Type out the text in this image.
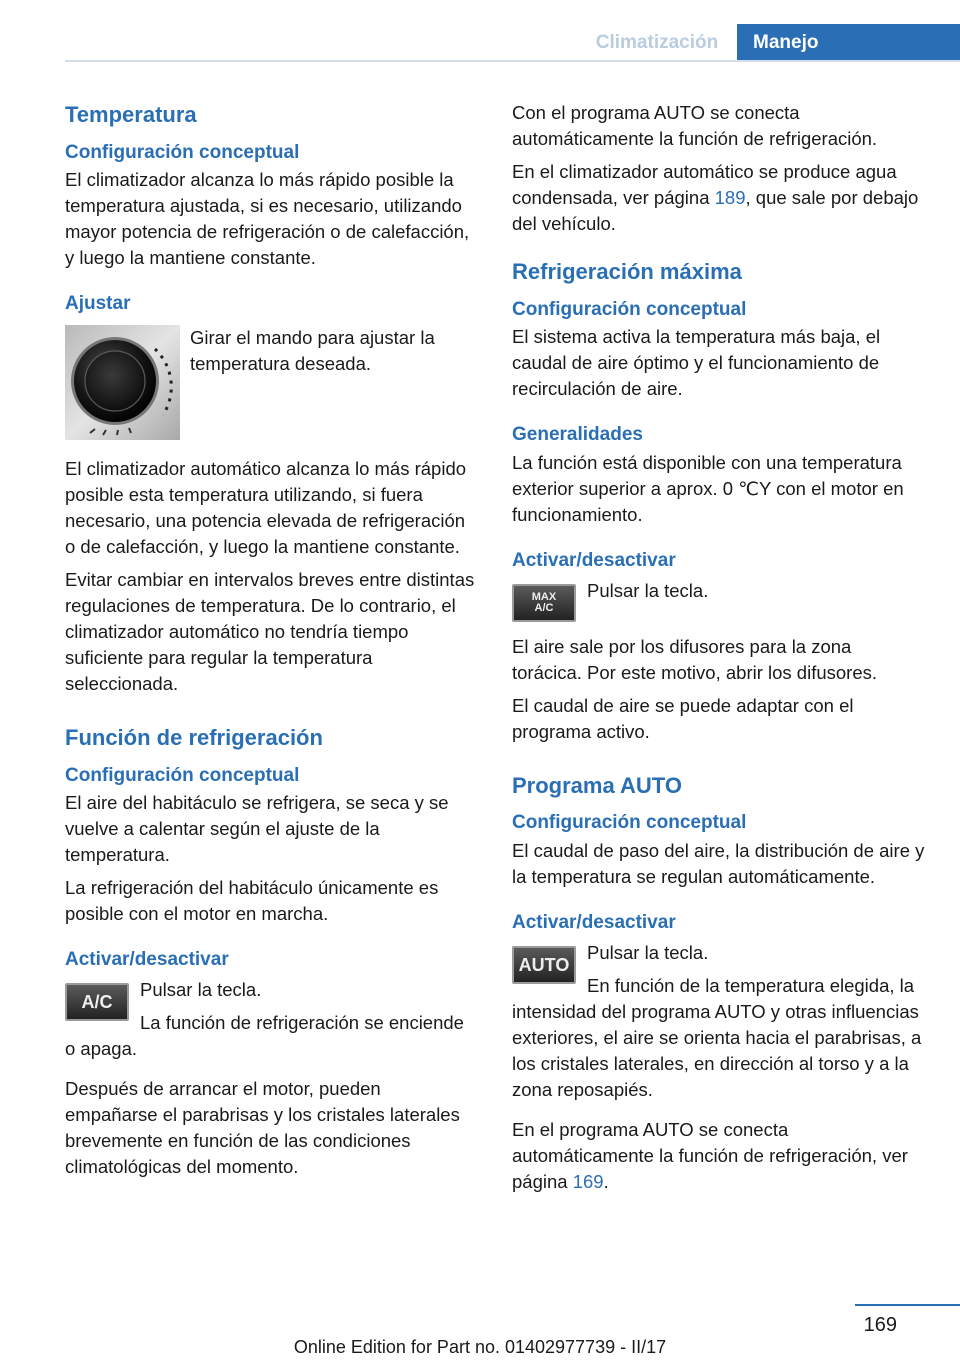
Climatización	Manejo
Temperatura
Configuración conceptual

El climatizador alcanza lo más rápido posible la temperatura ajustada, si es necesario, utilizando mayor potencia de refrigeración o de calefacción, y luego la mantiene constante.

Ajustar

Girar el mando para ajustar la temperatura deseada.

El climatizador automático alcanza lo más rápido posible esta temperatura utilizando, si fuera necesario, una potencia elevada de refrigeración o de calefacción, y luego la mantiene constante.

Evitar cambiar en intervalos breves entre distintas regulaciones de temperatura. De lo contrario, el climatizador automático no tendría tiempo suficiente para regular la temperatura seleccionada.

Función de refrigeración
Configuración conceptual

El aire del habitáculo se refrigera, se seca y se vuelve a calentar según el ajuste de la temperatura.

La refrigeración del habitáculo únicamente es posible con el motor en marcha.

Activar/desactivar
A/C

Pulsar la tecla.

La función de refrigeración se enciende o apaga.

Después de arrancar el motor, pueden empañarse el parabrisas y los cristales laterales brevemente en función de las condiciones climatológicas del momento.

Con el programa AUTO se conecta automáticamente la función de refrigeración.

En el climatizador automático se produce agua condensada, ver página 189, que sale por debajo del vehículo.

Refrigeración máxima
Configuración conceptual

El sistema activa la temperatura más baja, el caudal de aire óptimo y el funcionamiento de recirculación de aire.

Generalidades

La función está disponible con una temperatura exterior superior a aprox. 0 ℃Y con el motor en funcionamiento.

Activar/desactivar
MAX
A/C

Pulsar la tecla.

El aire sale por los difusores para la zona torácica. Por este motivo, abrir los difusores.

El caudal de aire se puede adaptar con el programa activo.

Programa AUTO
Configuración conceptual

El caudal de paso del aire, la distribución de aire y la temperatura se regulan automáticamente.

Activar/desactivar
AUTO

Pulsar la tecla.

En función de la temperatura elegida, la intensidad del programa AUTO y otras influencias exteriores, el aire se orienta hacia el parabrisas, a los cristales laterales, en dirección al torso y a la zona reposapiés.

En el programa AUTO se conecta automáticamente la función de refrigeración, ver página 169.

169
Online Edition for Part no. 01402977739 - II/17
